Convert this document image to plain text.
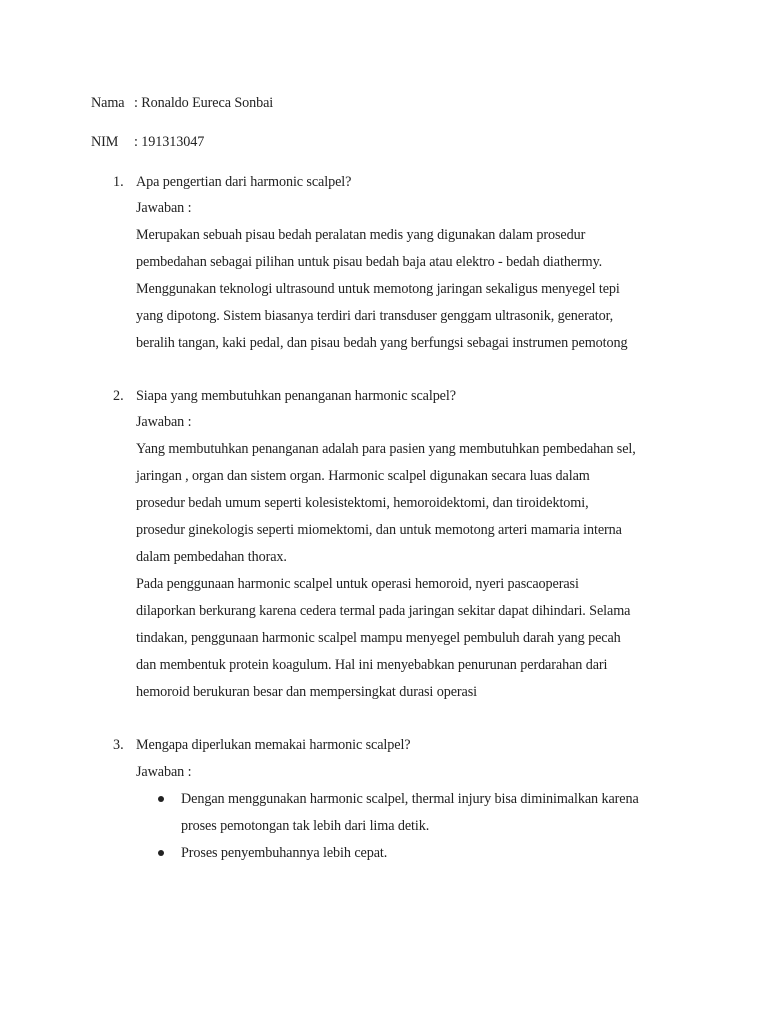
Nama : Ronaldo Eureca Sonbai
NIM : 191313047
1. Apa pengertian dari harmonic scalpel?
Jawaban :
Merupakan sebuah pisau bedah peralatan medis yang digunakan dalam prosedur
pembedahan sebagai pilihan untuk pisau bedah baja atau elektro - bedah diathermy.
Menggunakan teknologi ultrasound untuk memotong jaringan sekaligus menyegel tepi
yang dipotong. Sistem biasanya terdiri dari transduser genggam ultrasonik, generator,
beralih tangan, kaki pedal, dan pisau bedah yang berfungsi sebagai instrumen pemotong
2. Siapa yang membutuhkan penanganan harmonic scalpel?
Jawaban :
Yang membutuhkan penanganan adalah para pasien yang membutuhkan pembedahan sel,
jaringan , organ dan sistem organ. Harmonic scalpel digunakan secara luas dalam
prosedur bedah umum seperti kolesistektomi, hemoroidektomi, dan tiroidektomi,
prosedur ginekologis seperti miomektomi, dan untuk memotong arteri mamaria interna
dalam pembedahan thorax.
Pada penggunaan harmonic scalpel untuk operasi hemoroid, nyeri pascaoperasi
dilaporkan berkurang karena cedera termal pada jaringan sekitar dapat dihindari. Selama
tindakan, penggunaan harmonic scalpel mampu menyegel pembuluh darah yang pecah
dan membentuk protein koagulum. Hal ini menyebabkan penurunan perdarahan dari
hemoroid berukuran besar dan mempersingkat durasi operasi
3. Mengapa diperlukan memakai harmonic scalpel?
Jawaban :
Dengan menggunakan harmonic scalpel, thermal injury bisa diminimalkan karena
proses pemotongan tak lebih dari lima detik.
Proses penyembuhannya lebih cepat.
